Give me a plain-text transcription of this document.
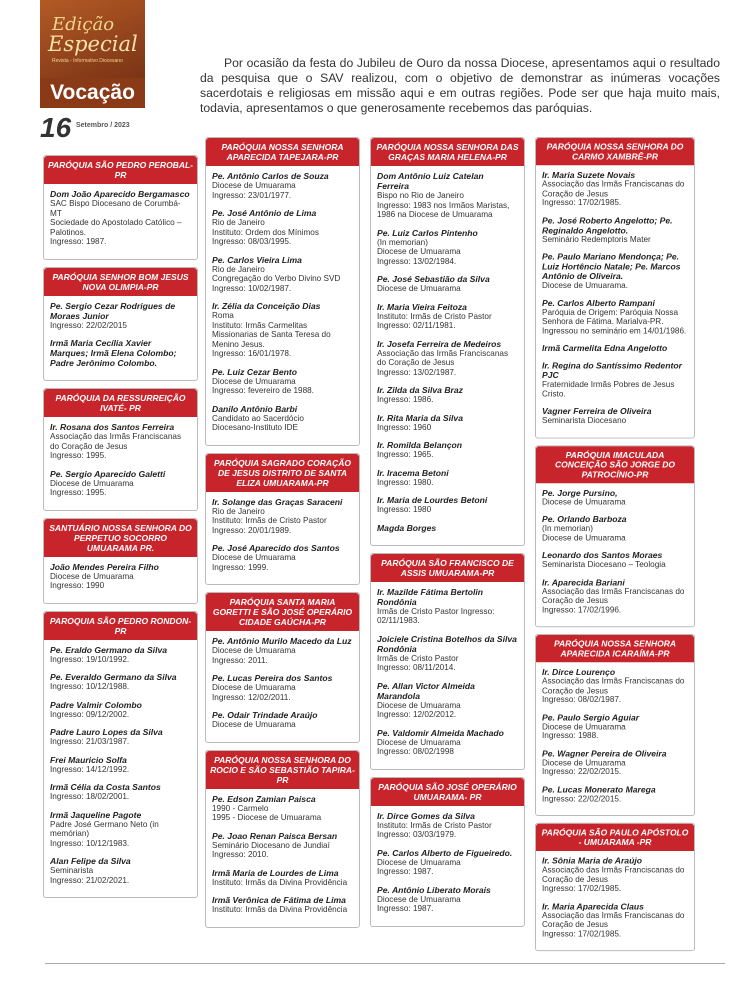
Edição
Especial
Revista - Informativo Diocesano
Vocação
16 Setembro / 2023
Por ocasião da festa do Jubileu de Ouro da nossa Diocese, apresentamos aqui o resultado da pesquisa que o SAV realizou, com o objetivo de demonstrar as inúmeras vocações sacerdotais e religiosas em missão aqui e em outras regiões. Pode ser que haja muito mais, todavia, apresentamos o que generosamente recebemos das paróquias.
PARÓQUIA SÃO PEDRO PEROBAL-PR
Dom João Aparecido Bergamasco
SAC Bispo Diocesano de Corumbá-MT
Sociedade do Apostolado Católico – Palotinos.
Ingresso: 1987.
PARÓQUIA SENHOR BOM JESUS NOVA OLIMPIA-PR
Pe. Sergio Cezar Rodrigues de Moraes Junior
Ingresso: 22/02/2015
Irmã Maria Cecília Xavier Marques; Irmã Elena Colombo; Padre Jerônimo Colombo.
PARÓQUIA DA RESSURREIÇÃO IVATÉ- PR
Ir. Rosana dos Santos Ferreira
Associação das Irmãs Franciscanas do Coração de Jesus
Ingresso: 1995.
Pe. Sergio Aparecido Galetti
Diocese de Umuarama
Ingresso: 1995.
SANTUÁRIO NOSSA SENHORA DO PERPETUO SOCORRO UMUARAMA PR.
João Mendes Pereira Filho
Diocese de Umuarama
Ingresso: 1990
PAROQUIA SÃO PEDRO RONDON-PR
Pe. Eraldo Germano da Silva
Ingresso: 19/10/1992.
Pe. Everaldo Germano da Silva
Ingresso: 10/12/1988.
Padre Valmir Colombo
Ingresso: 09/12/2002.
Padre Lauro Lopes da Silva
Ingresso: 21/03/1987.
Frei Mauricio Solfa
Ingresso: 14/12/1992.
Irmã Célia da Costa Santos
Ingresso: 18/02/2001.
Irmã Jaqueline Pagote
Padre José Germano Neto (in memórian)
Ingresso: 10/12/1983.
Alan Felipe da Silva
Seminarista
Ingresso: 21/02/2021.
PARÓQUIA NOSSA SENHORA APARECIDA TAPEJARA-PR
Pe. Antônio Carlos de Souza
Diocese de Umuarama
Ingresso: 23/01/1977.
Pe. José Antônio de Lima
Rio de Janeiro
Instituto: Ordem dos Mínimos
Ingresso: 08/03/1995.
Pe. Carlos Vieira Lima
Rio de Janeiro
Congregação do Verbo Divino SVD
Ingresso: 10/02/1987.
Ir. Zélia da Conceição Dias
Roma
Instituto: Irmãs Carmelitas Missionarias de Santa Teresa do Menino Jesus.
Ingresso: 16/01/1978.
Pe. Luiz Cezar Bento
Diocese de Umuarama
Ingresso: fevereiro de 1988.
Danilo Antônio Barbi
Candidato ao Sacerdócio
Diocesano-Instituto IDE
PARÓQUIA SAGRADO CORAÇÃO DE JESUS DISTRITO DE SANTA ELIZA UMUARAMA-PR
Ir. Solange das Graças Saraceni
Rio de Janeiro
Instituto: Irmãs de Cristo Pastor
Ingresso: 20/01/1989.
Pe. José Aparecido dos Santos
Diocese de Umuarama
Ingresso: 1999.
PARÓQUIA SANTA MARIA GORETTI E SÃO JOSÉ OPERÁRIO CIDADE GAÚCHA-PR
Pe. Antônio Murilo Macedo da Luz
Diocese de Umuarama
Ingresso: 2011.
Pe. Lucas Pereira dos Santos
Diocese de Umuarama
Ingresso: 12/02/2011.
Pe. Odair Trindade Araújo
Diocese de Umuarama
PARÓQUIA NOSSA SENHORA DO ROCIO E SÃO SEBASTIÃO TAPIRA-PR
Pe. Edson Zamian Paisca
1990 - Carmelo
1995 - Diocese de Umuarama
Pe. Joao Renan Paisca Bersan
Seminário Diocesano de Jundiaí
Ingresso: 2010.
Irmã Maria de Lourdes de Lima
Instituto: Irmãs da Divina Providência
Irmã Verônica de Fátima de Lima
Instituto: Irmãs da Divina Providência
PARÓQUIA NOSSA SENHORA DAS GRAÇAS MARIA HELENA-PR
Dom Antônio Luiz Catelan Ferreira
Bispo no Rio de Janeiro
Ingresso: 1983 nos Irmãos Maristas, 1986 na Diocese de Umuarama
Pe. Luiz Carlos Pintenho
(In memorian)
Diocese de Umuarama
Ingresso: 13/02/1984.
Pe. José Sebastião da Silva
Diocese de Umuarama
Ir. Maria Vieira Feitoza
Instituto: Irmãs de Cristo Pastor
Ingresso: 02/11/1981.
Ir. Josefa Ferreira de Medeiros
Associação das Irmãs Franciscanas do Coração de Jesus
Ingresso: 13/02/1987.
Ir. Zilda da Silva Braz
Ingresso: 1986.
Ir. Rita Maria da Silva
Ingresso: 1960
Ir. Romilda Belançon
Ingresso: 1965.
Ir. Iracema Betoni
Ingresso: 1980.
Ir. Maria de Lourdes Betoni
Ingresso: 1980
Magda Borges
PARÓQUIA SÃO FRANCISCO DE ASSIS UMUARAMA-PR
Ir. Mazilde Fátima Bertolin Rondônia
Irmãs de Cristo Pastor Ingresso: 02/11/1983.
Joiciele Cristina Botelhos da Silva Rondônia
Irmãs de Cristo Pastor
Ingresso: 08/11/2014.
Pe. Allan Victor Almeida Marandola
Diocese de Umuarama
Ingresso: 12/02/2012.
Pe. Valdomir Almeida Machado
Diocese de Umuarama
Ingresso: 08/02/1998
PARÓQUIA SÃO JOSÉ OPERÁRIO UMUARAMA- PR
Ir. Dirce Gomes da Silva
Instituto: Irmãs de Cristo Pastor
Ingresso: 03/03/1979.
Pe. Carlos Alberto de Figueiredo.
Diocese de Umuarama
Ingresso: 1987.
Pe. Antônio Liberato Morais
Diocese de Umuarama
Ingresso: 1987.
PARÓQUIA NOSSA SENHORA DO CARMO XAMBRÊ-PR
Ir. Maria Suzete Novais
Associação das Irmãs Franciscanas do Coração de Jesus
Ingresso: 17/02/1985.
Pe. José Roberto Angelotto; Pe. Reginaldo Angelotto.
Seminário Redemptoris Mater
Pe. Paulo Mariano Mendonça; Pe. Luiz Hortêncio Natale; Pe. Marcos Antônio de Oliveira.
Diocese de Umuarama.
Pe. Carlos Alberto Rampani
Paróquia de Origem: Paróquia Nossa Senhora de Fátima. Marialva-PR.
Ingressou no seminário em 14/01/1986.
Irmã Carmelita Edna Angelotto
Ir. Regina do Santíssimo Redentor PJC
Fraternidade Irmãs Pobres de Jesus Cristo.
Vagner Ferreira de Oliveira
Seminarista Diocesano
PARÓQUIA IMACULADA CONCEIÇÃO SÃO JORGE DO PATROCÍNIO-PR
Pe. Jorge Pursino,
Diocese de Umuarama
Pe. Orlando Barboza
(In memorian)
Diocese de Umuarama
Leonardo dos Santos Moraes
Seminarista Diocesano – Teologia
Ir. Aparecida Bariani
Associação das Irmãs Franciscanas do Coração de Jesus
Ingresso: 17/02/1996.
PARÓQUIA NOSSA SENHORA APARECIDA ICARAÍMA-PR
Ir. Dirce Lourenço
Associação das Irmãs Franciscanas do Coração de Jesus
Ingresso: 08/02/1987.
Pe. Paulo Sergio Aguiar
Diocese de Umuarama
Ingresso: 1988.
Pe. Wagner Pereira de Oliveira
Diocese de Umuarama
Ingresso: 22/02/2015.
Pe. Lucas Monerato Marega
Ingresso: 22/02/2015.
PARÓQUIA SÃO PAULO APÓSTOLO - UMUARAMA -PR
Ir. Sônia Maria de Araújo
Associação das Irmãs Franciscanas do Coração de Jesus
Ingresso: 17/02/1985.
Ir. Maria Aparecida Claus
Associação das Irmãs Franciscanas do Coração de Jesus
Ingresso: 17/02/1985.
